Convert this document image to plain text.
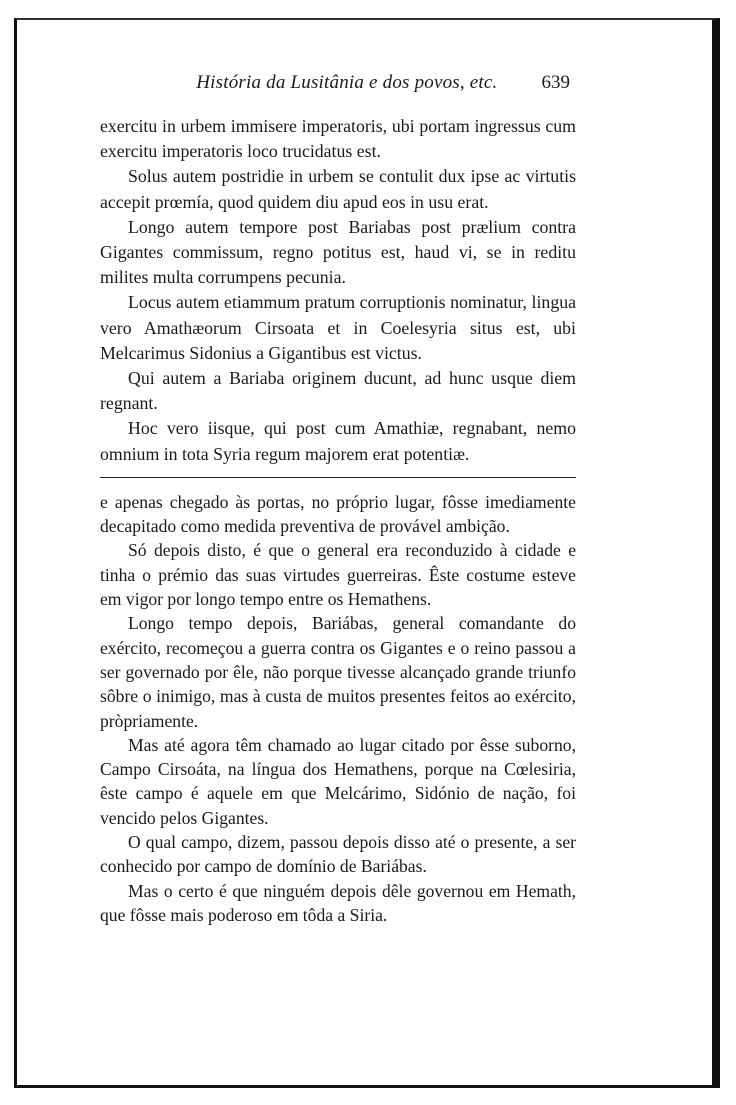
História da Lusitânia e dos povos, etc. 639

exercitu in urbem immisere imperatoris, ubi portam ingressus cum exercitu imperatoris loco trucidatus est.

Solus autem postridie in urbem se contulit dux ipse ac virtutis accepit prœmía, quod quidem diu apud eos in usu erat.

Longo autem tempore post Bariabas post prælium contra Gigantes commissum, regno potitus est, haud vi, se in reditu milites multa corrumpens pecunia.

Locus autem etiammum pratum corruptionis nominatur, lingua vero Amathæorum Cirsoata et in Coelesyria situs est, ubi Melcarimus Sidonius a Gigantibus est victus.

Qui autem a Bariaba originem ducunt, ad hunc usque diem regnant.

Hoc vero iisque, qui post cum Amathiæ, regnabant, nemo omnium in tota Syria regum majorem erat potentiæ.

e apenas chegado às portas, no próprio lugar, fôsse imediamente decapitado como medida preventiva de provável ambição.

Só depois disto, é que o general era reconduzido à cidade e tinha o prémio das suas virtudes guerreiras. Êste costume esteve em vigor por longo tempo entre os Hemathens.

Longo tempo depois, Bariábas, general comandante do exército, recomeçou a guerra contra os Gigantes e o reino passou a ser governado por êle, não porque tivesse alcançado grande triunfo sôbre o inimigo, mas à custa de muitos presentes feitos ao exército, pròpriamente.

Mas até agora têm chamado ao lugar citado por êsse suborno, Campo Cirsoáta, na língua dos Hemathens, porque na Cœlesiria, êste campo é aquele em que Melcárimo, Sidónio de nação, foi vencido pelos Gigantes.

O qual campo, dizem, passou depois disso até o presente, a ser conhecido por campo de domínio de Bariábas.

Mas o certo é que ninguém depois dêle governou em Hemath, que fôsse mais poderoso em tôda a Siria.
